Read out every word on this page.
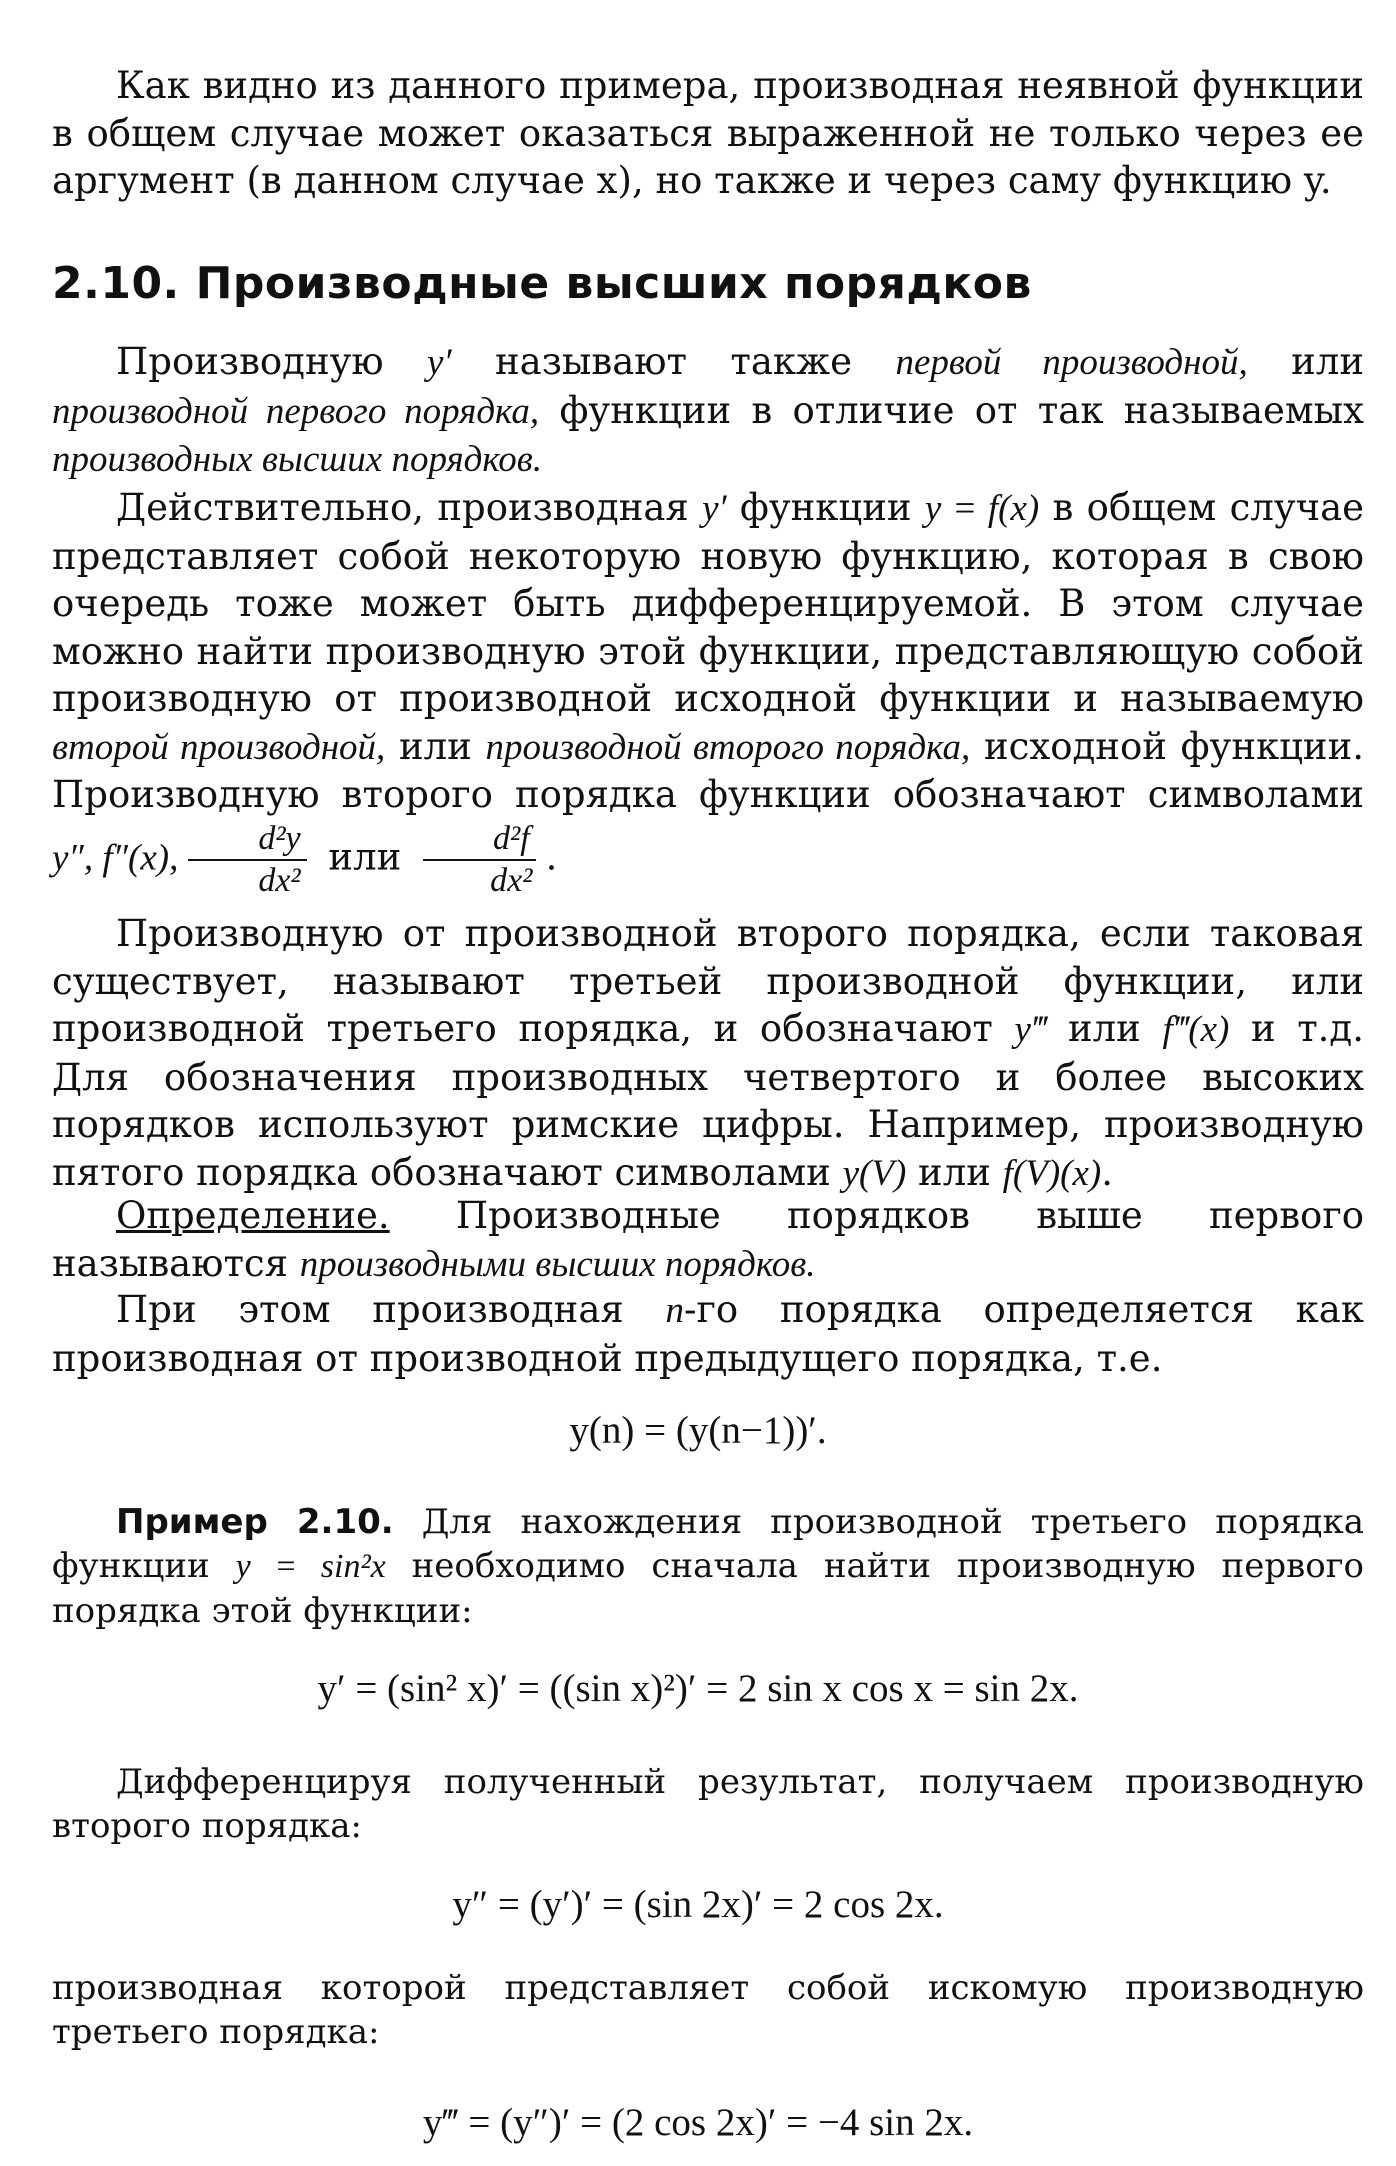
Как видно из данного примера, производная неявной функции в общем случае может оказаться выраженной не только через ее аргумент (в данном случае x), но также и через саму функцию y.
2.10. Производные высших порядков
Производную y′ называют также первой производной, или производной первого порядка, функции в отличие от так называемых производных высших порядков.
Действительно, производная y′ функции y = f(x) в общем случае представляет собой некоторую новую функцию, которая в свою очередь тоже может быть дифференцируемой. В этом случае можно найти производную этой функции, представляющую собой производную от производной исходной функции и называемую второй производной, или производной второго порядка, исходной функции. Производную второго порядка функции обозначают символами y″, f″(x), $\frac{\text{d²y}}{\text{dx²}}$ или $\frac{\text{d²f}}{\text{dx²}}$ .
Производную от производной второго порядка, если таковая существует, называют третьей производной функции, или производной третьего порядка, и обозначают y‴ или f‴(x) и т.д. Для обозначения производных четвертого и более высоких порядков используют римские цифры. Например, производную пятого порядка обозначают символами y(V) или f(V)(x).
Определение. Производные порядков выше первого называются производными высших порядков.
При этом производная n-го порядка определяется как производная от производной предыдущего порядка, т.е.
y(n) = (y(n−1))′.
Пример 2.10. Для нахождения производной третьего порядка функции y = sin²x необходимо сначала найти производную первого порядка этой функции:
y′ = (sin² x)′ = ((sin x)²)′ = 2 sin x cos x = sin 2x.
Дифференцируя полученный результат, получаем производную второго порядка:
y″ = (y′)′ = (sin 2x)′ = 2 cos 2x.
производная которой представляет собой искомую производную третьего порядка:
y‴ = (y″)′ = (2 cos 2x)′ = −4 sin 2x.
